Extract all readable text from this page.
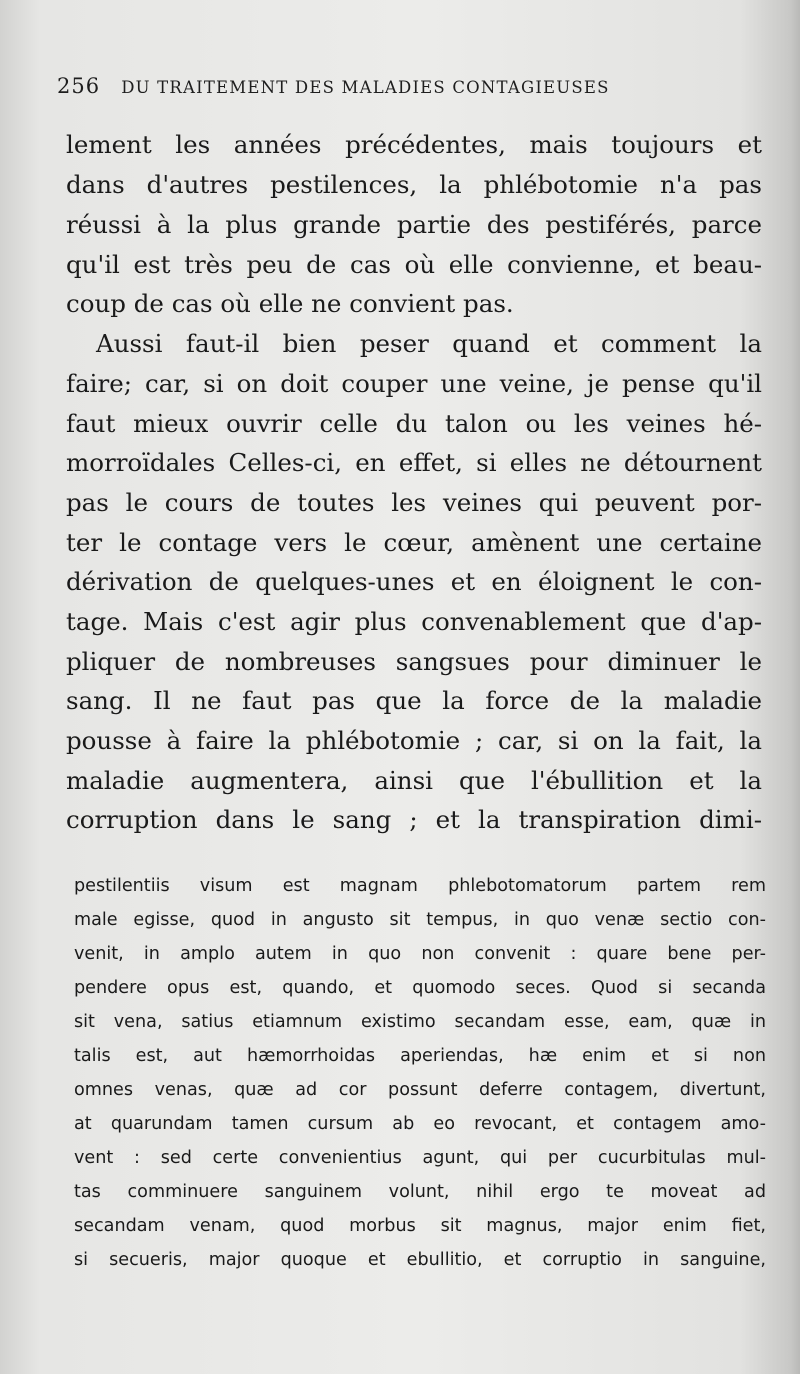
256 DU TRAITEMENT DES MALADIES CONTAGIEUSES
lement les années précédentes, mais toujours et
dans d'autres pestilences, la phlébotomie n'a pas
réussi à la plus grande partie des pestiférés, parce
qu'il est très peu de cas où elle convienne, et beau-
coup de cas où elle ne convient pas.
Aussi faut-il bien peser quand et comment la
faire; car, si on doit couper une veine, je pense qu'il
faut mieux ouvrir celle du talon ou les veines hé-
morroïdales Celles-ci, en effet, si elles ne détournent
pas le cours de toutes les veines qui peuvent por-
ter le contage vers le cœur, amènent une certaine
dérivation de quelques-unes et en éloignent le con-
tage. Mais c'est agir plus convenablement que d'ap-
pliquer de nombreuses sangsues pour diminuer le
sang. Il ne faut pas que la force de la maladie
pousse à faire la phlébotomie ; car, si on la fait, la
maladie augmentera, ainsi que l'ébullition et la
corruption dans le sang ; et la transpiration dimi-
pestilentiis visum est magnam phlebotomatorum partem rem
male egisse, quod in angusto sit tempus, in quo venæ sectio con-
venit, in amplo autem in quo non convenit : quare bene per-
pendere opus est, quando, et quomodo seces. Quod si secanda
sit vena, satius etiamnum existimo secandam esse, eam, quæ in
talis est, aut hæmorrhoidas aperiendas, hæ enim et si non
omnes venas, quæ ad cor possunt deferre contagem, divertunt,
at quarundam tamen cursum ab eo revocant, et contagem amo-
vent : sed certe convenientius agunt, qui per cucurbitulas mul-
tas comminuere sanguinem volunt, nihil ergo te moveat ad
secandam venam, quod morbus sit magnus, major enim fiet,
si secueris, major quoque et ebullitio, et corruptio in sanguine,
